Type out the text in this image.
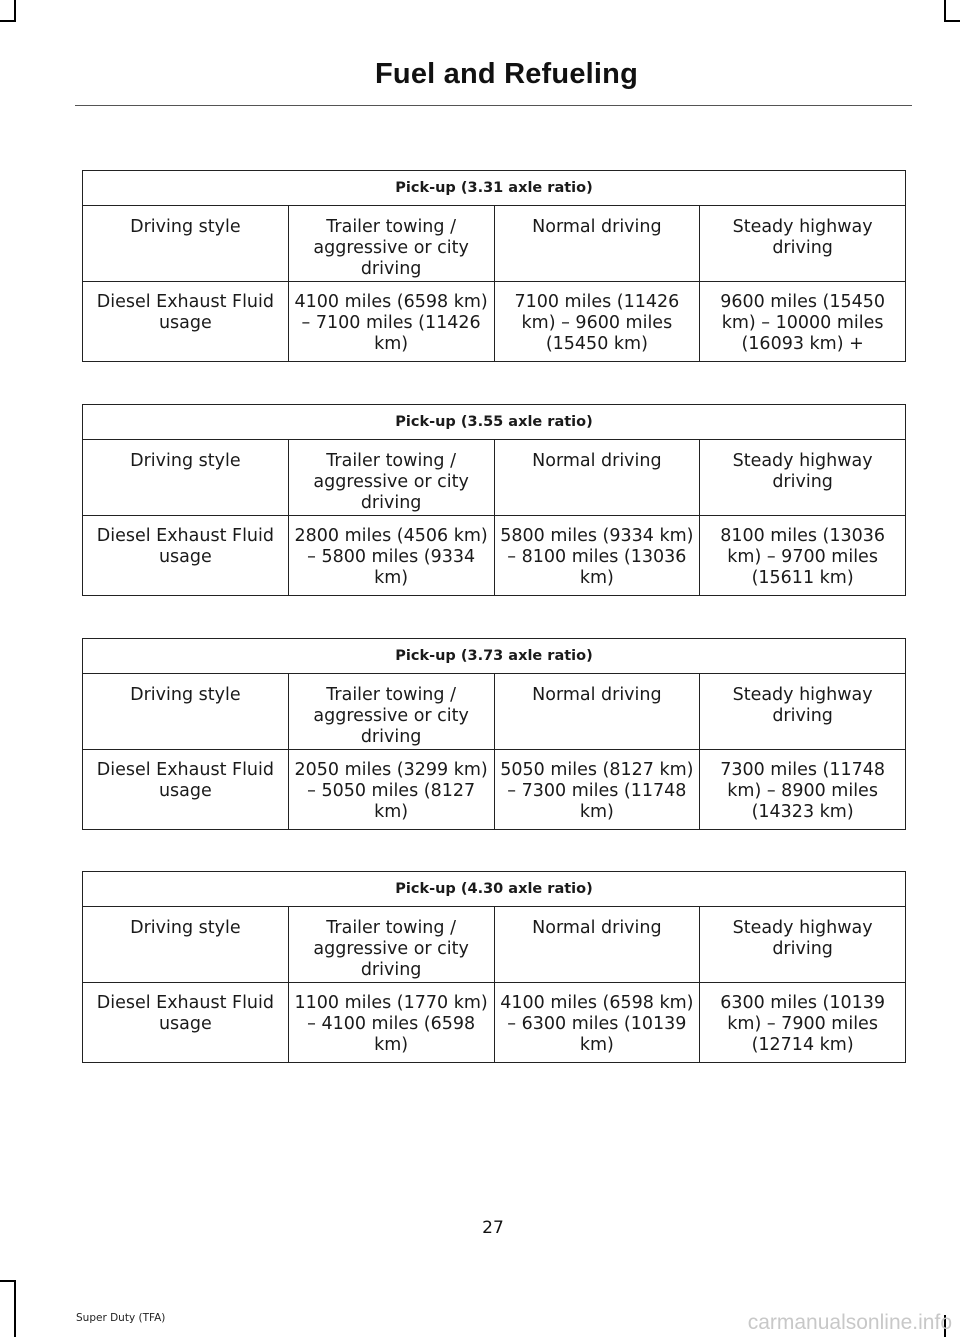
Fuel and Refueling
Pick-up (3.31 axle ratio)			
Driving style	Trailer towing / aggressive or city driving	Normal driving	Steady highway driving
Diesel Exhaust Fluid usage	4100 miles (6598 km) – 7100 miles (11426 km)	7100 miles (11426 km) – 9600 miles (15450 km)	9600 miles (15450 km) – 10000 miles (16093 km) +
Pick-up (3.55 axle ratio)			
Driving style	Trailer towing / aggressive or city driving	Normal driving	Steady highway driving
Diesel Exhaust Fluid usage	2800 miles (4506 km) – 5800 miles (9334 km)	5800 miles (9334 km) – 8100 miles (13036 km)	8100 miles (13036 km) – 9700 miles (15611 km)
Pick-up (3.73 axle ratio)			
Driving style	Trailer towing / aggressive or city driving	Normal driving	Steady highway driving
Diesel Exhaust Fluid usage	2050 miles (3299 km) – 5050 miles (8127 km)	5050 miles (8127 km) – 7300 miles (11748 km)	7300 miles (11748 km) – 8900 miles (14323 km)
Pick-up (4.30 axle ratio)			
Driving style	Trailer towing / aggressive or city driving	Normal driving	Steady highway driving
Diesel Exhaust Fluid usage	1100 miles (1770 km) – 4100 miles (6598 km)	4100 miles (6598 km) – 6300 miles (10139 km)	6300 miles (10139 km) – 7900 miles (12714 km)
27
Super Duty (TFA)	carmanualsonline.info
